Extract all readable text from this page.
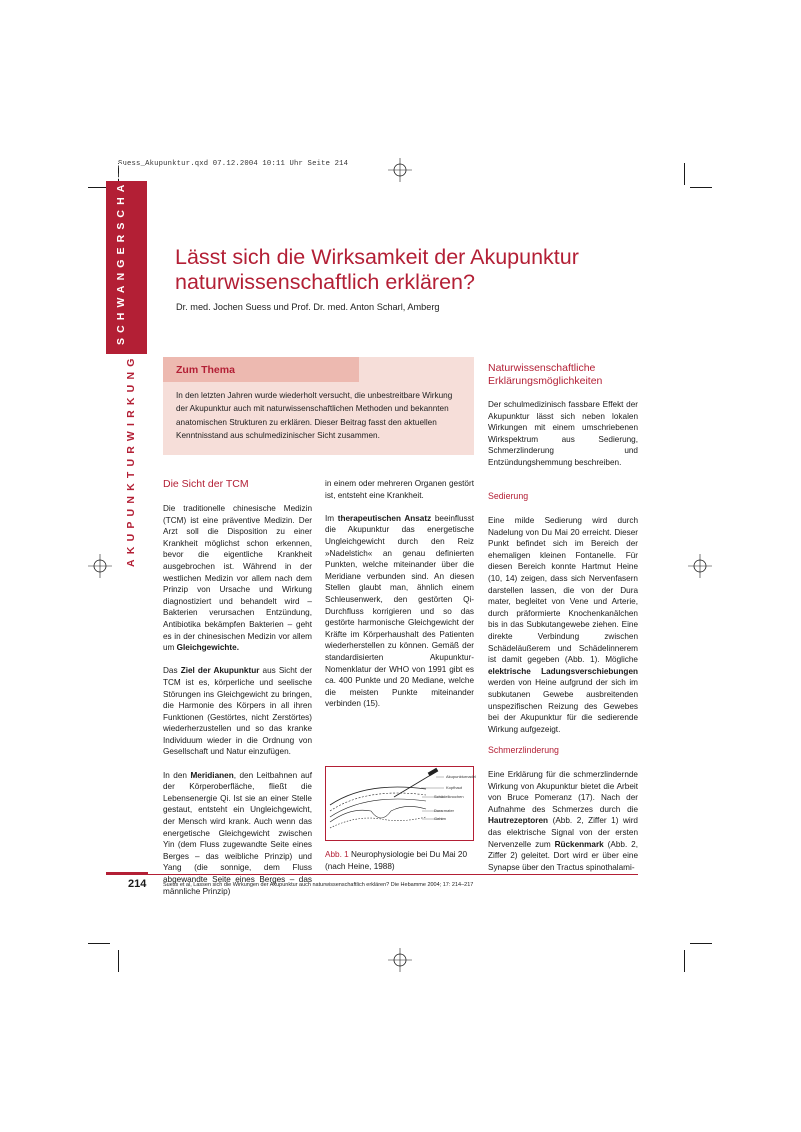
Suess_Akupunktur.qxd 07.12.2004 10:11 Uhr Seite 214
SCHWANGERSCHAFT
AKUPUNKTURWIRKUNG
Lässt sich die Wirksamkeit der Akupunktur naturwissenschaftlich erklären?
Dr. med. Jochen Suess und Prof. Dr. med. Anton Scharl, Amberg
Zum Thema
In den letzten Jahren wurde wiederholt versucht, die unbestreitbare Wirkung der Akupunktur auch mit naturwissenschaftlichen Methoden und bekannten anatomischen Strukturen zu erklären. Dieser Beitrag fasst den aktuellen Kenntnisstand aus schulmedizinischer Sicht zusammen.
Die Sicht der TCM

Die traditionelle chinesische Medizin (TCM) ist eine präventive Medizin. Der Arzt soll die Disposition zu einer Krankheit möglichst schon erkennen, bevor die eigentliche Krankheit ausgebrochen ist. Während in der westlichen Medizin vor allem nach dem Prinzip von Ursache und Wirkung diagnostiziert und behandelt wird – Bakterien verursachen Entzündung, Antibiotika bekämpfen Bakterien – geht es in der chinesischen Medizin vor allem um Gleichgewichte.

Das Ziel der Akupunktur aus Sicht der TCM ist es, körperliche und seelische Störungen ins Gleichgewicht zu bringen, die Harmonie des Körpers in all ihren Funktionen (Gestörtes, nicht Zerstörtes) wiederherzustellen und so das kranke Individuum wieder in die Ordnung von Gesellschaft und Natur einzufügen.

In den Meridianen, den Leitbahnen auf der Körperoberfläche, fließt die Lebensenergie Qi. Ist sie an einer Stelle gestaut, entsteht ein Ungleichgewicht, der Mensch wird krank. Auch wenn das energetische Gleichgewicht zwischen Yin (dem Fluss zugewandte Seite eines Berges – das weibliche Prinzip) und Yang (die sonnige, dem Fluss abgewandte Seite eines Berges – das männliche Prinzip)

in einem oder mehreren Organen gestört ist, entsteht eine Krankheit.

Im therapeutischen Ansatz beeinflusst die Akupunktur das energetische Ungleichgewicht durch den Reiz »Nadelstich« an genau definierten Punkten, welche miteinander über die Meridiane verbunden sind. An diesen Stellen glaubt man, ähnlich einem Schleusenwerk, den gestörten Qi-Durchfluss korrigieren und so das gestörte harmonische Gleichgewicht der Kräfte im Körperhaushalt des Patienten wiederherstellen zu können. Gemäß der standardisierten Akupunktur-Nomenklatur der WHO von 1991 gibt es ca. 400 Punkte und 20 Mediane, welche die meisten Punkte miteinander verbinden (15).

Akupunkturnadel
Kopfhaut
Schädelknochen
Dura mater
Gehirn
Abb. 1 Neurophysiologie bei Du Mai 20 (nach Heine, 1988)
Naturwissenschaftliche Erklärungsmöglichkeiten
Der schulmedizinisch fassbare Effekt der Akupunktur lässt sich neben lokalen Wirkungen mit einem umschriebenen Wirkspektrum aus Sedierung, Schmerzlinderung und Entzündungshemmung beschreiben.
Sedierung
Eine milde Sedierung wird durch Nadelung von Du Mai 20 erreicht. Dieser Punkt befindet sich im Bereich der ehemaligen kleinen Fontanelle. Für diesen Bereich konnte Hartmut Heine (10, 14) zeigen, dass sich Nervenfasern darstellen lassen, die von der Dura mater, begleitet von Vene und Arterie, durch präformierte Knochenkanälchen bis in das Subkutangewebe ziehen. Eine direkte Verbindung zwischen Schädeläußerem und Schädelinnerem ist damit gegeben (Abb. 1). Mögliche elektrische Ladungsverschiebungen werden von Heine aufgrund der sich im subkutanen Gewebe ausbreitenden unspezifischen Reizung des Gewebes bei der Akupunktur für die sedierende Wirkung aufgezeigt.
Schmerzlinderung
Eine Erklärung für die schmerzlindernde Wirkung von Akupunktur bietet die Arbeit von Bruce Pomeranz (17). Nach der Aufnahme des Schmerzes durch die Hautrezeptoren (Abb. 2, Ziffer 1) wird das elektrische Signal von der ersten Nervenzelle zum Rückenmark (Abb. 2, Ziffer 2) geleitet. Dort wird er über eine Synapse über den Tractus spinothalami-
214	Suess et al, Lassen sich die Wirkungen der Akupunktur auch naturwissenschaftlich erklären? Die Hebamme 2004; 17: 214–217
